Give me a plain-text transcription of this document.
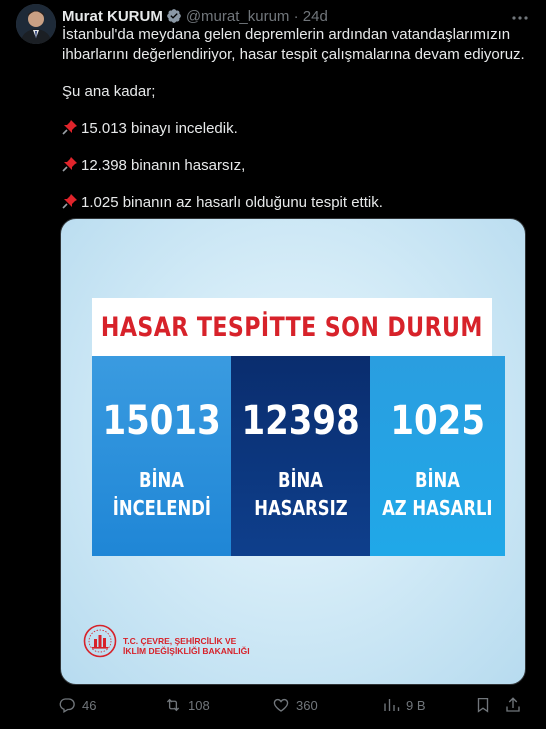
Murat KURUM @murat_kurum · 24d

İstanbul'da meydana gelen depremlerin ardından vatandaşlarımızın ihbarlarını değerlendiriyor, hasar tespit çalışmalarına devam ediyoruz.

Şu ana kadar;

15.013 binayı inceledik.

12.398 binanın hasarsız,

1.025 binanın az hasarlı olduğunu tespit ettik.

HASAR TESPİTTE SON DURUM
15013
BİNA
İNCELENDİ
12398
BİNA
HASARSIZ
1025
BİNA
AZ HASARLI
T.C. ÇEVRE, ŞEHİRCİLİK VE
İKLİM DEĞİŞİKLİĞİ BAKANLIĞI
46	108	360	9 B
